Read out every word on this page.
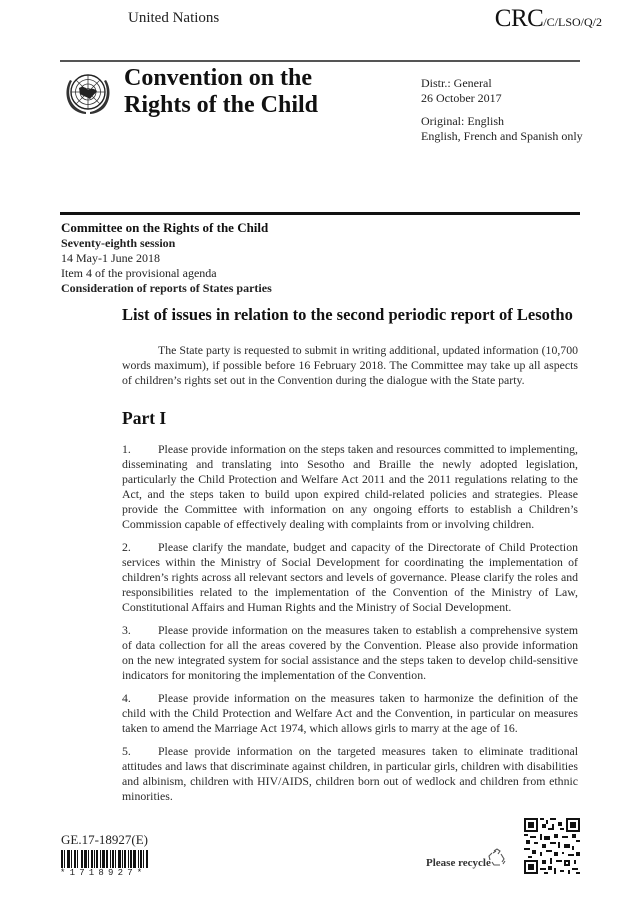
United Nations	CRC/C/LSO/Q/2
Convention on the
Rights of the Child
Distr.: General
26 October 2017
Original: English
English, French and Spanish only
Committee on the Rights of the Child
Seventy-eighth session
14 May-1 June 2018
Item 4 of the provisional agenda
Consideration of reports of States parties
List of issues in relation to the second periodic report of Lesotho

The State party is requested to submit in writing additional, updated information (10,700 words maximum), if possible before 16 February 2018. The Committee may take up all aspects of children’s rights set out in the Convention during the dialogue with the State party.

Part I

1. Please provide information on the steps taken and resources committed to implementing, disseminating and translating into Sesotho and Braille the newly adopted legislation, particularly the Child Protection and Welfare Act 2011 and the 2011 regulations relating to the Act, and the steps taken to build upon expired child-related policies and strategies. Please provide the Committee with information on any ongoing efforts to establish a Children’s Commission capable of effectively dealing with complaints from or involving children.

2. Please clarify the mandate, budget and capacity of the Directorate of Child Protection services within the Ministry of Social Development for coordinating the implementation of children’s rights across all relevant sectors and levels of governance. Please clarify the roles and responsibilities related to the implementation of the Convention of the Ministry of Law, Constitutional Affairs and Human Rights and the Ministry of Social Development.

3. Please provide information on the measures taken to establish a comprehensive system of data collection for all the areas covered by the Convention. Please also provide information on the new integrated system for social assistance and the steps taken to develop child-sensitive indicators for monitoring the implementation of the Convention.

4. Please provide information on the measures taken to harmonize the definition of the child with the Child Protection and Welfare Act and the Convention, in particular on measures taken to amend the Marriage Act 1974, which allows girls to marry at the age of 16.

5. Please provide information on the targeted measures taken to eliminate traditional attitudes and laws that discriminate against children, in particular girls, children with disabilities and albinism, children with HIV/AIDS, children born out of wedlock and children from ethnic minorities.

GE.17-18927(E)
*1718927*
Please recycle
